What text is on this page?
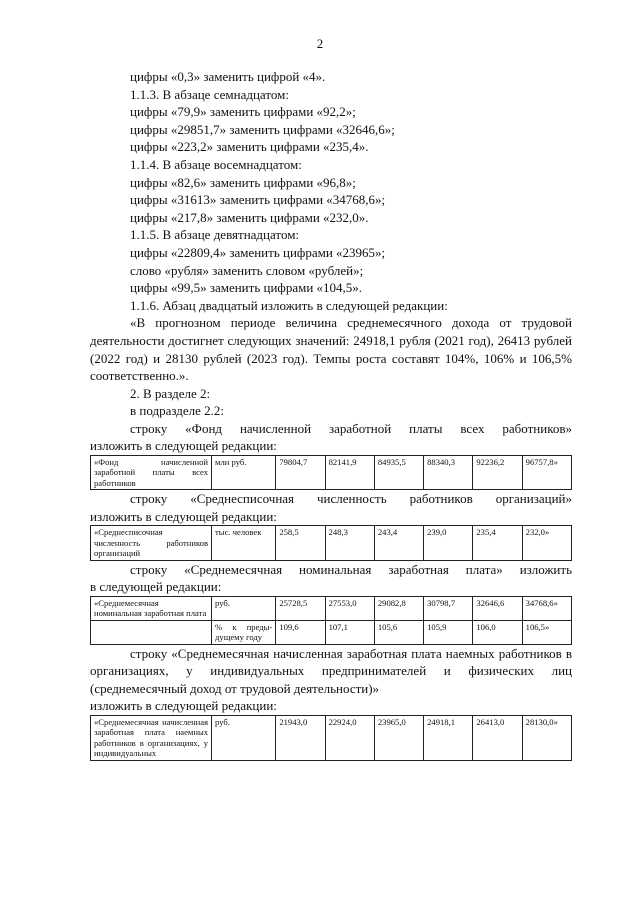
2

цифры «0,3» заменить цифрой «4».

1.1.3. В абзаце семнадцатом:

цифры «79,9» заменить цифрами «92,2»;

цифры «29851,7» заменить цифрами «32646,6»;

цифры «223,2» заменить цифрами «235,4».

1.1.4. В абзаце восемнадцатом:

цифры «82,6» заменить цифрами «96,8»;

цифры «31613» заменить цифрами «34768,6»;

цифры «217,8» заменить цифрами «232,0».

1.1.5. В абзаце девятнадцатом:

цифры «22809,4» заменить цифрами «23965»;

слово «рубля» заменить словом «рублей»;

цифры «99,5» заменить цифрами «104,5».

1.1.6. Абзац двадцатый изложить в следующей редакции:

«В прогнозном периоде величина среднемесячного дохода от трудовой деятельности достигнет следующих значений: 24918,1 рубля (2021 год), 26413 рублей (2022 год) и 28130 рублей (2023 год). Темпы роста составят 104%, 106% и 106,5% соответственно.».

2. В разделе 2:

в подразделе 2.2:

строку «Фонд начисленной заработной платы всех работников»

изложить в следующей редакции:

«Фонд начисленной заработной платы всех работников	млн руб.	79804,7	82141,9	84935,5	88340,3	92236,2	96757,8»

строку «Среднесписочная численность работников организаций»

изложить в следующей редакции:

«Среднесписочная численность работников организаций	тыс. человек	258,5	248,3	243,4	239,0	235,4	232,0»

строку «Среднемесячная номинальная заработная плата» изложить

в следующей редакции:

«Среднемесячная номинальная заработная плата	руб.	25728,5	27553,0	29082,8	30798,7	32646,6	34768,6»
	% к преды-дущему году	109,6	107,1	105,6	105,9	106,0	106,5»

строку «Среднемесячная начисленная заработная плата наемных работников в организациях, у индивидуальных предпринимателей и физических лиц (среднемесячный доход от трудовой деятельности)»

изложить в следующей редакции:

«Среднемесячная начисленная заработная плата наемных работников в организациях, у индивидуальных	руб.	21943,0	22924,0	23965,0	24918,1	26413,0	28130,0»
